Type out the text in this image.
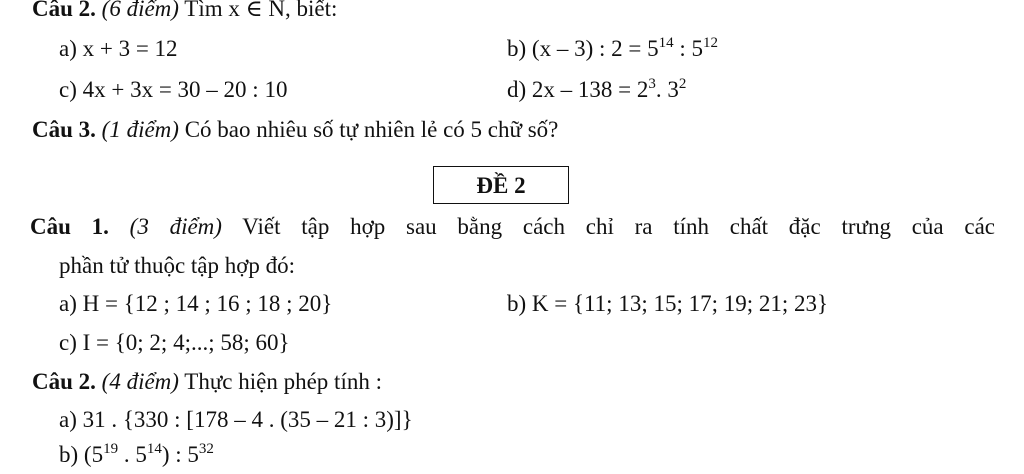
Câu 2. (6 điểm) Tìm x ∈ N, biết:
a) x + 3 = 12	b) (x – 3) : $2 = 5^{14}$ : $5^{12}$
c) 4x + 3x = 30 – 20 : 10	d) $2x - 138 = 2^3$. $3^2$
Câu 3. (1 điểm) Có bao nhiêu số tự nhiên lẻ có 5 chữ số?
ĐỀ 2
Câu 1. (3 điểm) Viết tập hợp sau bằng cách chỉ ra tính chất đặc trưng của các
phần tử thuộc tập hợp đó:
a) H = {12 ; 14 ; 16 ; 18 ; 20}	b) K = {11; 13; 15; 17; 19; 21; 23}
c) I = {0; 2; 4;...; 58; 60}
Câu 2. (4 điểm) Thực hiện phép tính :
a) 31 . {330 : [178 – 4 . (35 – 21 : 3)]}
b) ($5^{19}$ . $5^{14}$) : $5^{32}$
